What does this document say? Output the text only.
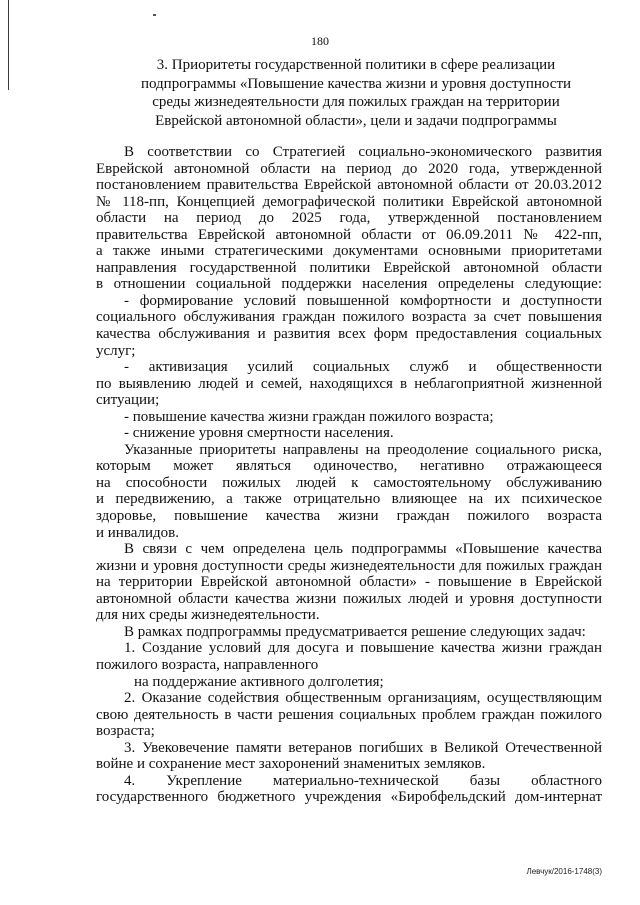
180
3. Приоритеты государственной политики в сфере реализации
подпрограммы «Повышение качества жизни и уровня доступности
среды жизнедеятельности для пожилых граждан на территории
Еврейской автономной области», цели и задачи подпрограммы
В соответствии со Стратегией социально-экономического развития
Еврейской автономной области на период до 2020 года, утвержденной
постановлением правительства Еврейской автономной области от 20.03.2012
№ 118-пп, Концепцией демографической политики Еврейской автономной
области на период до 2025 года, утвержденной постановлением
правительства Еврейской автономной области от 06.09.2011 № 422-пп,
а также иными стратегическими документами основными приоритетами
направления государственной политики Еврейской автономной области
в отношении социальной поддержки населения определены следующие:
- формирование условий повышенной комфортности и доступности
социального обслуживания граждан пожилого возраста за счет повышения
качества обслуживания и развития всех форм предоставления социальных
услуг;
- активизация усилий социальных служб и общественности
по выявлению людей и семей, находящихся в неблагоприятной жизненной
ситуации;
- повышение качества жизни граждан пожилого возраста;
- снижение уровня смертности населения.
Указанные приоритеты направлены на преодоление социального риска,
которым может являться одиночество, негативно отражающееся
на способности пожилых людей к самостоятельному обслуживанию
и передвижению, а также отрицательно влияющее на их психическое
здоровье, повышение качества жизни граждан пожилого возраста
и инвалидов.
В связи с чем определена цель подпрограммы «Повышение качества
жизни и уровня доступности среды жизнедеятельности для пожилых граждан
на территории Еврейской автономной области» - повышение в Еврейской
автономной области качества жизни пожилых людей и уровня доступности
для них среды жизнедеятельности.
В рамках подпрограммы предусматривается решение следующих задач:
1. Создание условий для досуга и повышение качества жизни граждан
пожилого возраста, направленного
на поддержание активного долголетия;
2. Оказание содействия общественным организациям, осуществляющим
свою деятельность в части решения социальных проблем граждан пожилого
возраста;
3. Увековечение памяти ветеранов погибших в Великой Отечественной
войне и сохранение мест захоронений знаменитых земляков.
4. Укрепление материально-технической базы областного
государственного бюджетного учреждения «Биробфельдский дом-интернат
Левчук/2016-1748(3)
